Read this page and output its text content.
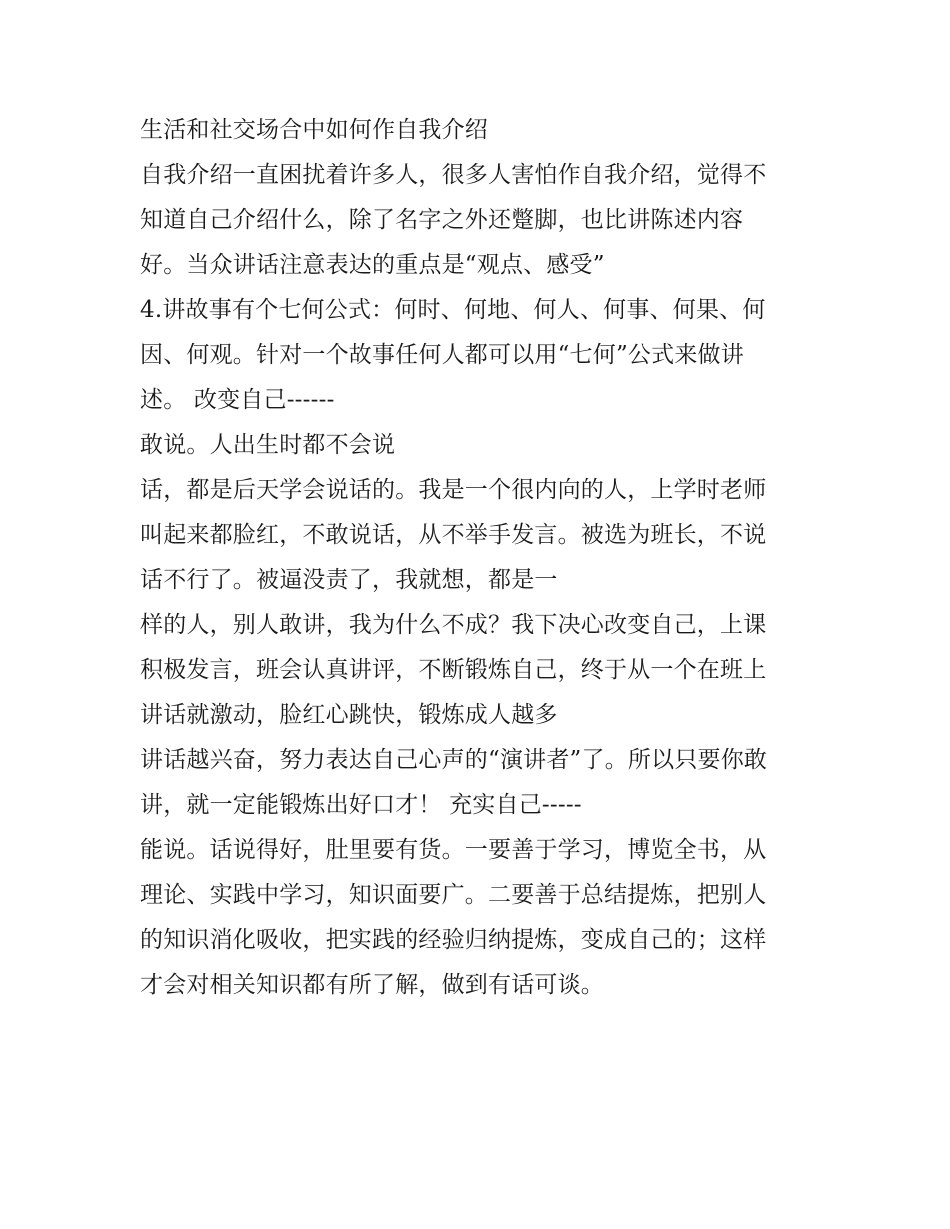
生活和社交场合中如何作自我介绍
自我介绍一直困扰着许多人，很多人害怕作自我介绍，觉得不
知道自己介绍什么，除了名字之外还蹩脚，也比讲陈述内容
好。当众讲话注意表达的重点是“观点、感受”
4.讲故事有个七何公式：何时、何地、何人、何事、何果、何
因、何观。针对一个故事任何人都可以用“七何”公式来做讲
述。 改变自己------
敢说。人出生时都不会说
话，都是后天学会说话的。我是一个很内向的人，上学时老师
叫起来都脸红，不敢说话，从不举手发言。被选为班长，不说
话不行了。被逼没责了，我就想，都是一
样的人，别人敢讲，我为什么不成？我下决心改变自己，上课
积极发言，班会认真讲评，不断锻炼自己，终于从一个在班上
讲话就激动，脸红心跳快，锻炼成人越多
讲话越兴奋，努力表达自己心声的“演讲者”了。所以只要你敢
讲，就一定能锻炼出好口才！ 充实自己-----
能说。话说得好，肚里要有货。一要善于学习，博览全书，从
理论、实践中学习，知识面要广。二要善于总结提炼，把别人
的知识消化吸收，把实践的经验归纳提炼，变成自己的；这样
才会对相关知识都有所了解，做到有话可谈。
